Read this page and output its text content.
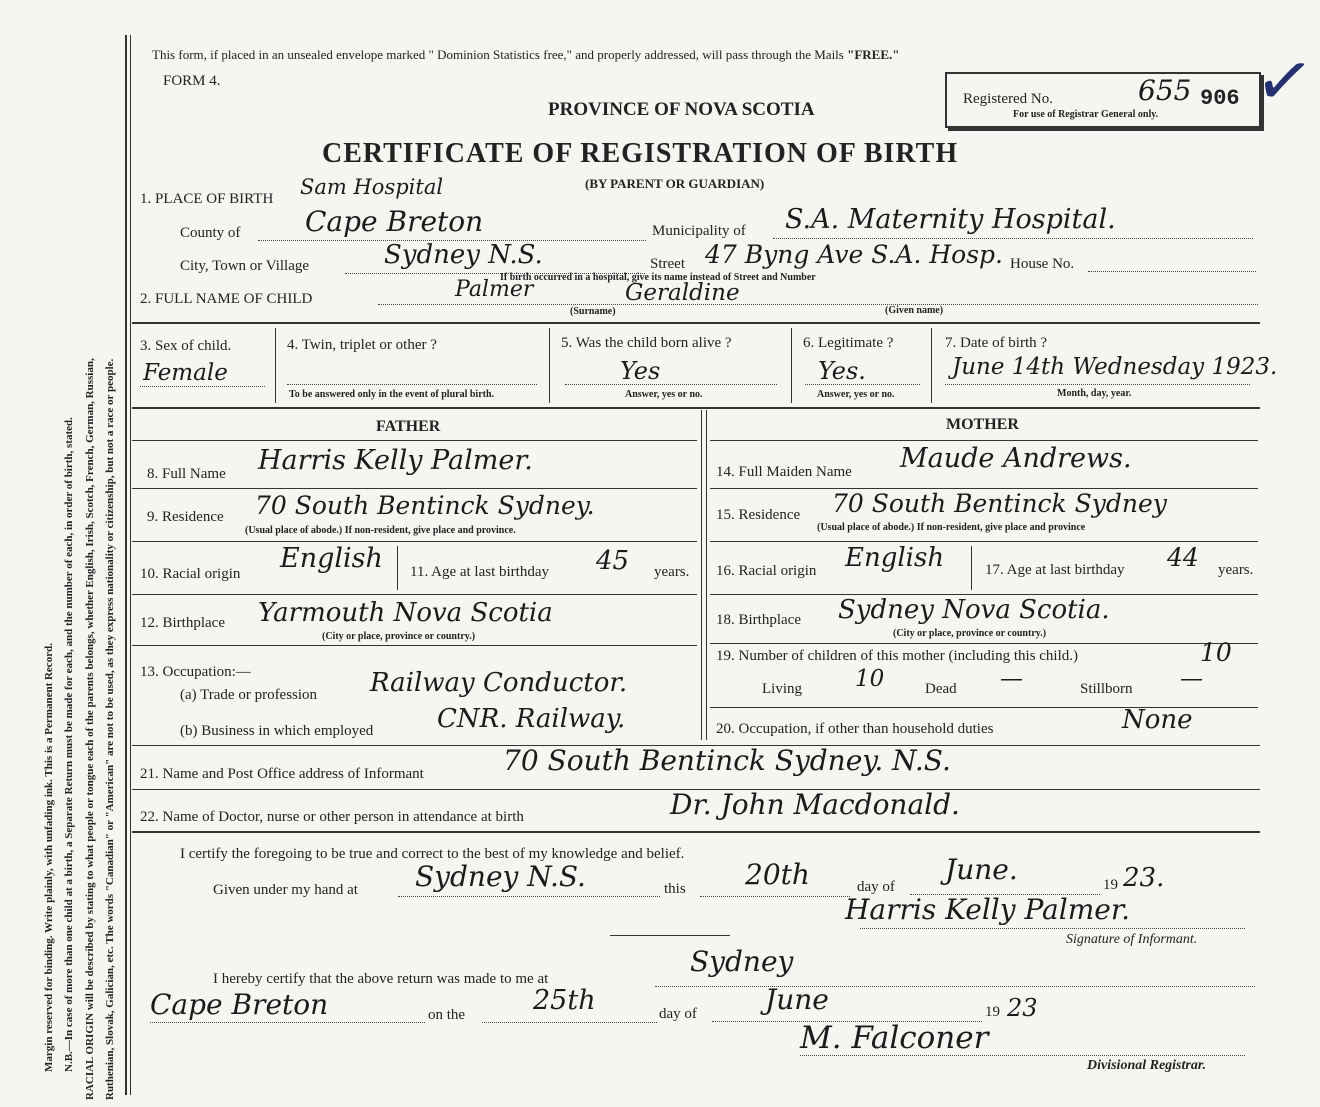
Margin reserved for binding. Write plainly, with unfading ink. This is a Permanent Record. N.B.—In case of more than one child at a birth, a Separate Return must be made for each, and the number of each, in order of birth, stated. RACIAL ORIGIN will be described by stating to what people or tongue each of the parents belongs, whether English, Irish, Scotch, French, German, Russian, Ruthenian, Slovak, Galician, etc. The words "Canadian" or "American" are not to be used, as they express nationality or citizenship, but not a race or people.
This form, if placed in an unsealed envelope marked " Dominion Statistics free," and properly addressed, will pass through the Mails "FREE."
FORM 4.
PROVINCE OF NOVA SCOTIA
CERTIFICATE OF REGISTRATION OF BIRTH
(BY PARENT OR GUARDIAN)
Registered No.	655 906
For use of Registrar General only. ✓
1. PLACE OF BIRTH Sam Hospital
County of Cape Breton	Municipality of S.A. Maternity Hospital.
City, Town or Village	Sydney N.S.	Street 47 Byng Ave S.A. Hosp. House No.
If birth occurred in a hospital, give its name instead of Street and Number
2. FULL NAME OF CHILD	Palmer	Geraldine
(Surname)	(Given name)
3. Sex of child.
Female
4. Twin, triplet or other ?
To be answered only in the event of plural birth.
5. Was the child born alive ?
Yes
Answer, yes or no.
6. Legitimate ?
Yes.
Answer, yes or no.
7. Date of birth ?
June 14th Wednesday 1923.
Month, day, year.
FATHER	MOTHER
8. Full Name Harris Kelly Palmer.
9. Residence 70 South Bentinck Sydney.
(Usual place of abode.) If non-resident, give place and province.
10. Racial origin English 11. Age at last birthday 45 years.
12. Birthplace Yarmouth Nova Scotia
(City or place, province or country.)
13. Occupation:—
(a) Trade or profession Railway Conductor.
(b) Business in which employed CNR. Railway.
14. Full Maiden Name Maude Andrews.
15. Residence 70 South Bentinck Sydney
(Usual place of abode.) If non-resident, give place and province
16. Racial origin English	17. Age at last birthday 44 years.
18. Birthplace Sydney Nova Scotia.
(City or place, province or country.)
19. Number of children of this mother (including this child.)	10
Living 10	Dead —	Stillborn —
20. Occupation, if other than household duties	None
21. Name and Post Office address of Informant	70 South Bentinck Sydney. N.S.
22. Name of Doctor, nurse or other person in attendance at birth	Dr. John Macdonald.
I certify the foregoing to be true and correct to the best of my knowledge and belief.
Given under my hand at Sydney N.S.	this 20th	day of
June.	19 23.
Harris Kelly Palmer.
Signature of Informant.
I hereby certify that the above return was made to me at
Sydney
Cape Breton	on the	25th	day of June	19 23
M. Falconer
Divisional Registrar.
